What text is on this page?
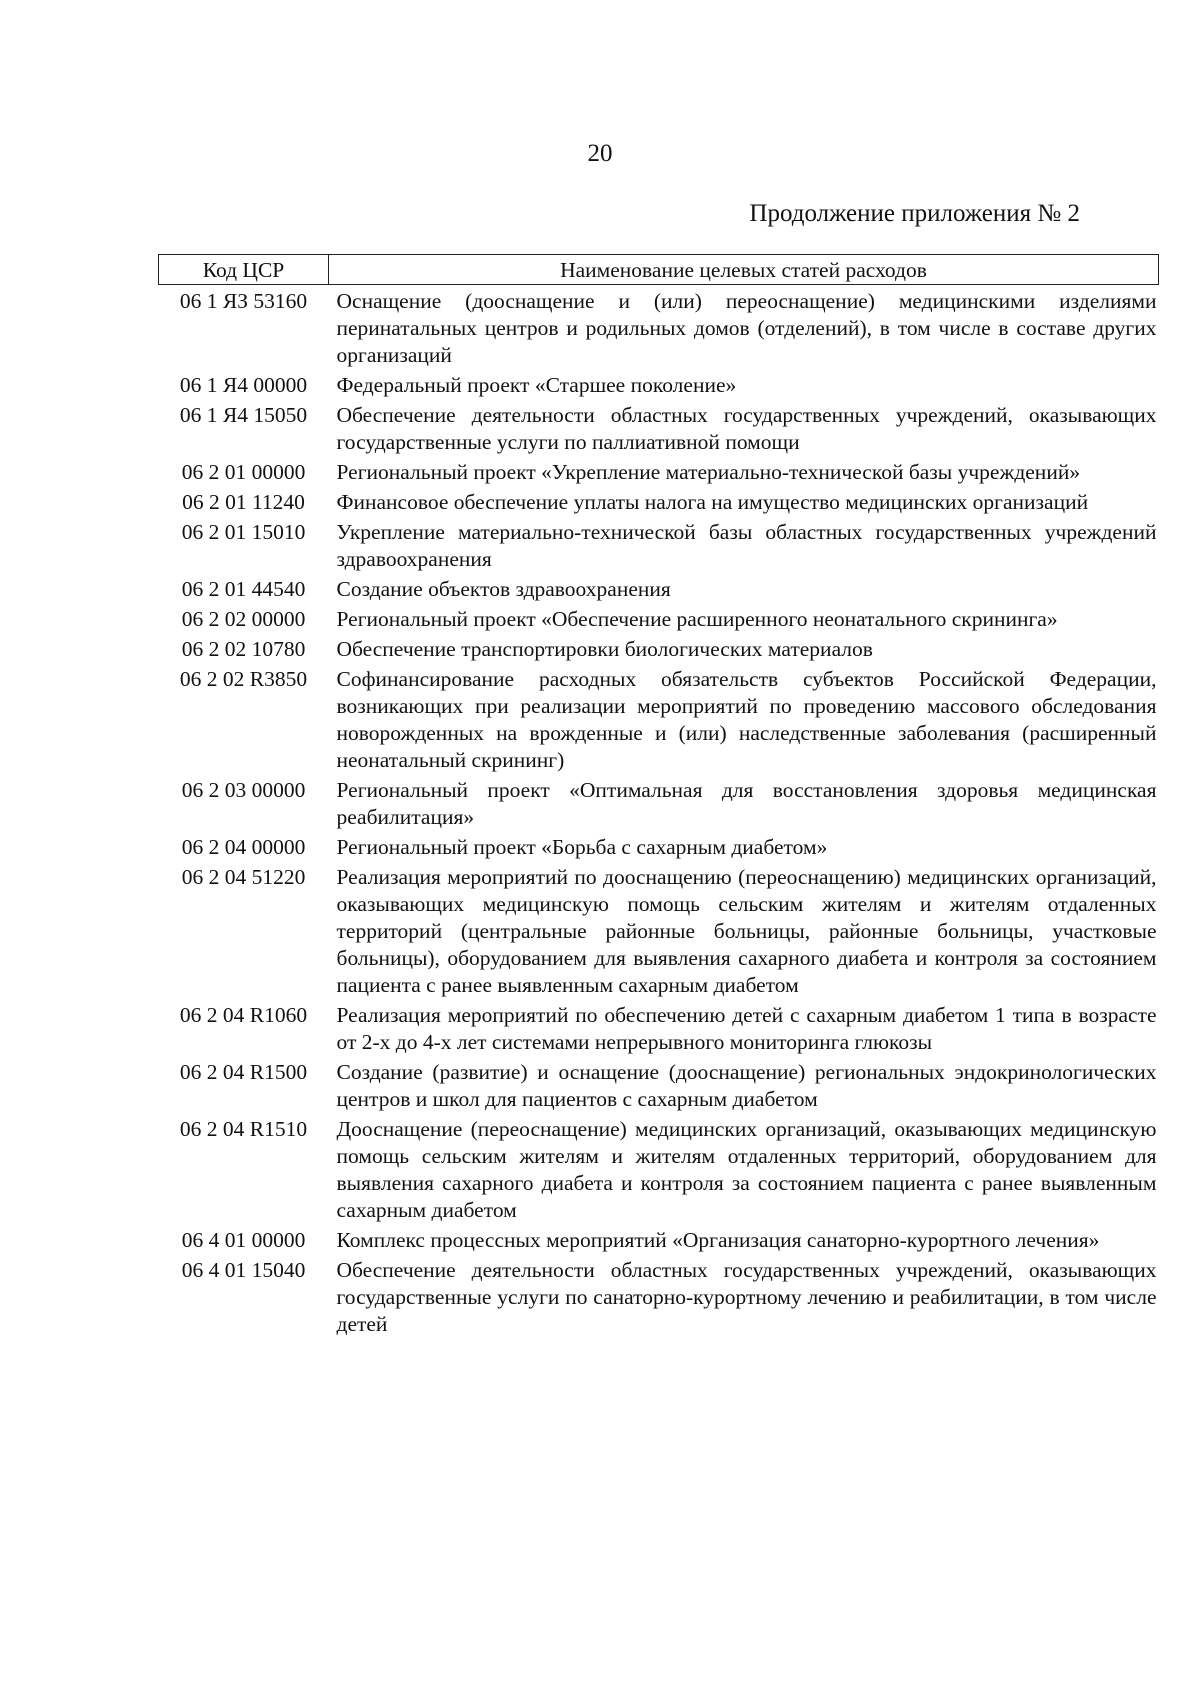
20
Продолжение приложения № 2
Код ЦСР	Наименование целевых статей расходов
06 1 ЯЗ 53160	Оснащение (дооснащение и (или) переоснащение) медицинскими изделиями перинатальных центров и родильных домов (отделений), в том числе в составе других организаций
06 1 Я4 00000	Федеральный проект «Старшее поколение»
06 1 Я4 15050	Обеспечение деятельности областных государственных учреждений, оказывающих государственные услуги по паллиативной помощи
06 2 01 00000	Региональный проект «Укрепление материально-технической базы учреждений»
06 2 01 11240	Финансовое обеспечение уплаты налога на имущество медицинских организаций
06 2 01 15010	Укрепление материально-технической базы областных государственных учреждений здравоохранения
06 2 01 44540	Создание объектов здравоохранения
06 2 02 00000	Региональный проект «Обеспечение расширенного неонатального скрининга»
06 2 02 10780	Обеспечение транспортировки биологических материалов
06 2 02 R3850	Софинансирование расходных обязательств субъектов Российской Федерации, возникающих при реализации мероприятий по проведению массового обследования новорожденных на врожденные и (или) наследственные заболевания (расширенный неонатальный скрининг)
06 2 03 00000	Региональный проект «Оптимальная для восстановления здоровья медицинская реабилитация»
06 2 04 00000	Региональный проект «Борьба с сахарным диабетом»
06 2 04 51220	Реализация мероприятий по дооснащению (переоснащению) медицинских организаций, оказывающих медицинскую помощь сельским жителям и жителям отдаленных территорий (центральные районные больницы, районные больницы, участковые больницы), оборудованием для выявления сахарного диабета и контроля за состоянием пациента с ранее выявленным сахарным диабетом
06 2 04 R1060	Реализация мероприятий по обеспечению детей с сахарным диабетом 1 типа в возрасте от 2-х до 4-х лет системами непрерывного мониторинга глюкозы
06 2 04 R1500	Создание (развитие) и оснащение (дооснащение) региональных эндокринологических центров и школ для пациентов с сахарным диабетом
06 2 04 R1510	Дооснащение (переоснащение) медицинских организаций, оказывающих медицинскую помощь сельским жителям и жителям отдаленных территорий, оборудованием для выявления сахарного диабета и контроля за состоянием пациента с ранее выявленным сахарным диабетом
06 4 01 00000	Комплекс процессных мероприятий «Организация санаторно-курортного лечения»
06 4 01 15040	Обеспечение деятельности областных государственных учреждений, оказывающих государственные услуги по санаторно-курортному лечению и реабилитации, в том числе детей
